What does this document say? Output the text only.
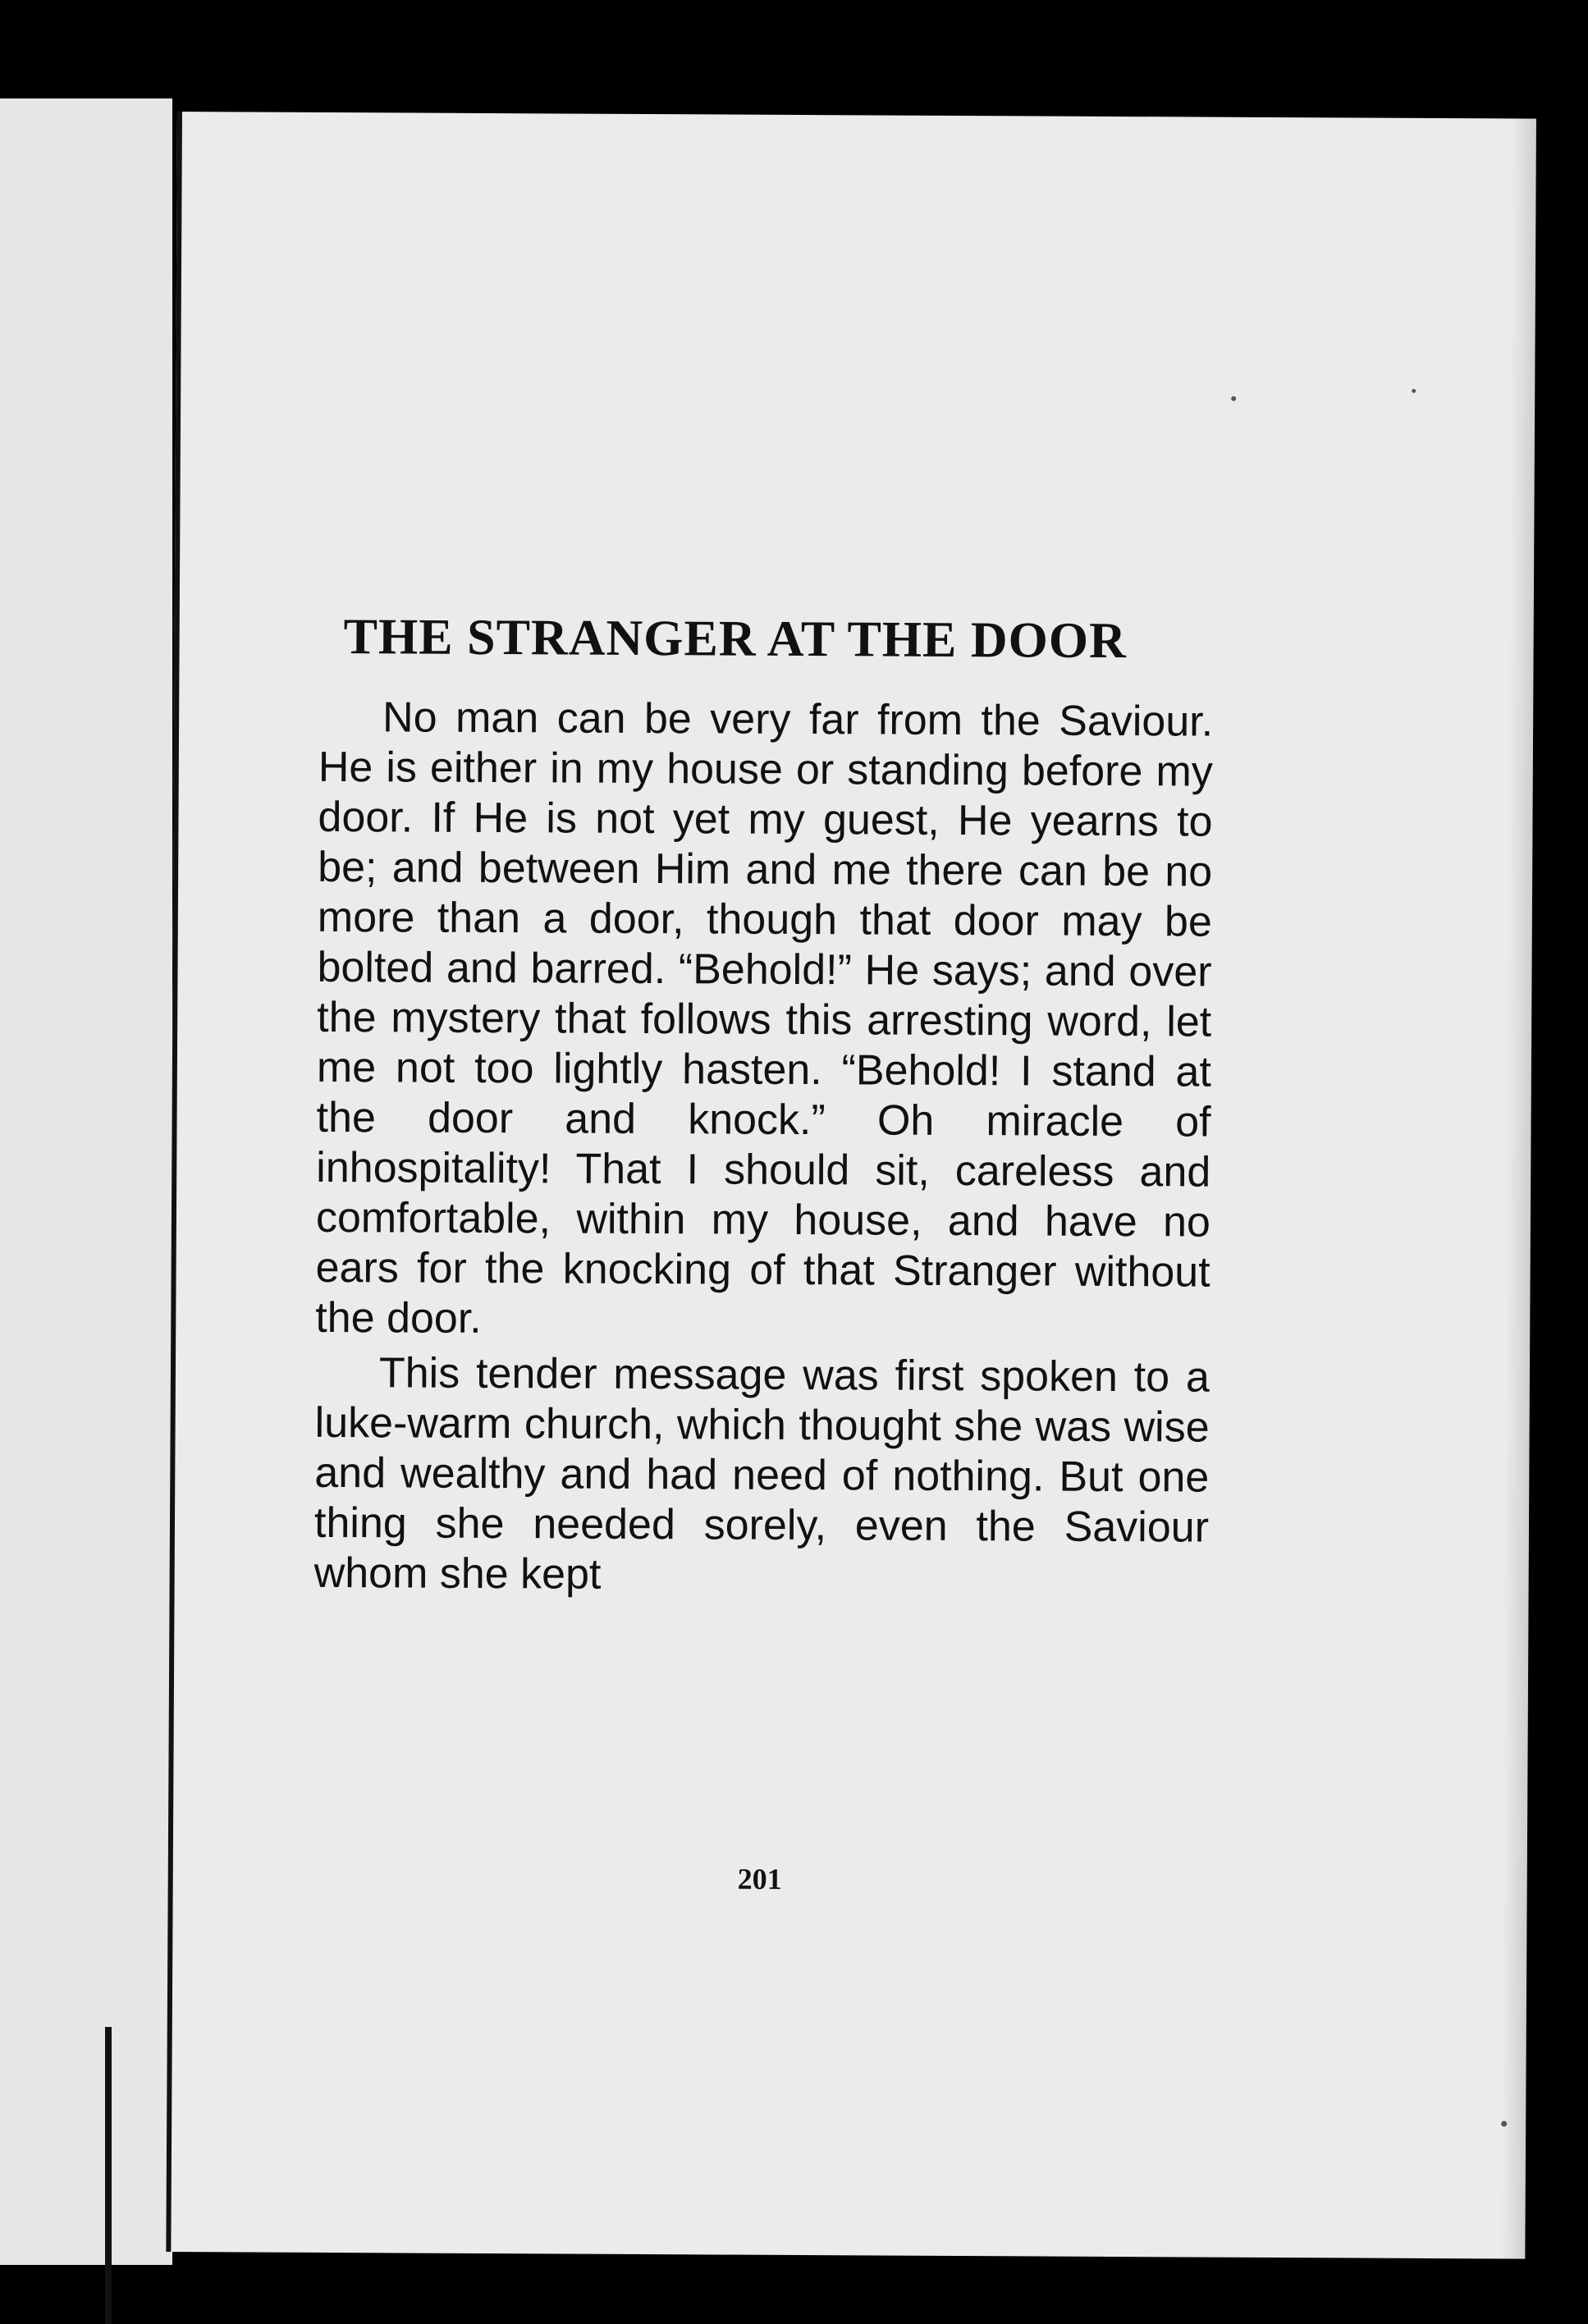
THE STRANGER AT THE DOOR

No man can be very far from the Saviour. He is either in my house or standing before my door. If He is not yet my guest, He yearns to be; and between Him and me there can be no more than a door, though that door may be bolted and barred. “Behold!” He says; and over the mystery that follows this arresting word, let me not too lightly hasten. “Behold! I stand at the door and knock.” Oh miracle of inhospitality! That I should sit, careless and comfortable, within my house, and have no ears for the knocking of that Stranger without the door.

This tender message was first spoken to a luke-warm church, which thought she was wise and wealthy and had need of nothing. But one thing she needed sorely, even the Saviour whom she kept

201
